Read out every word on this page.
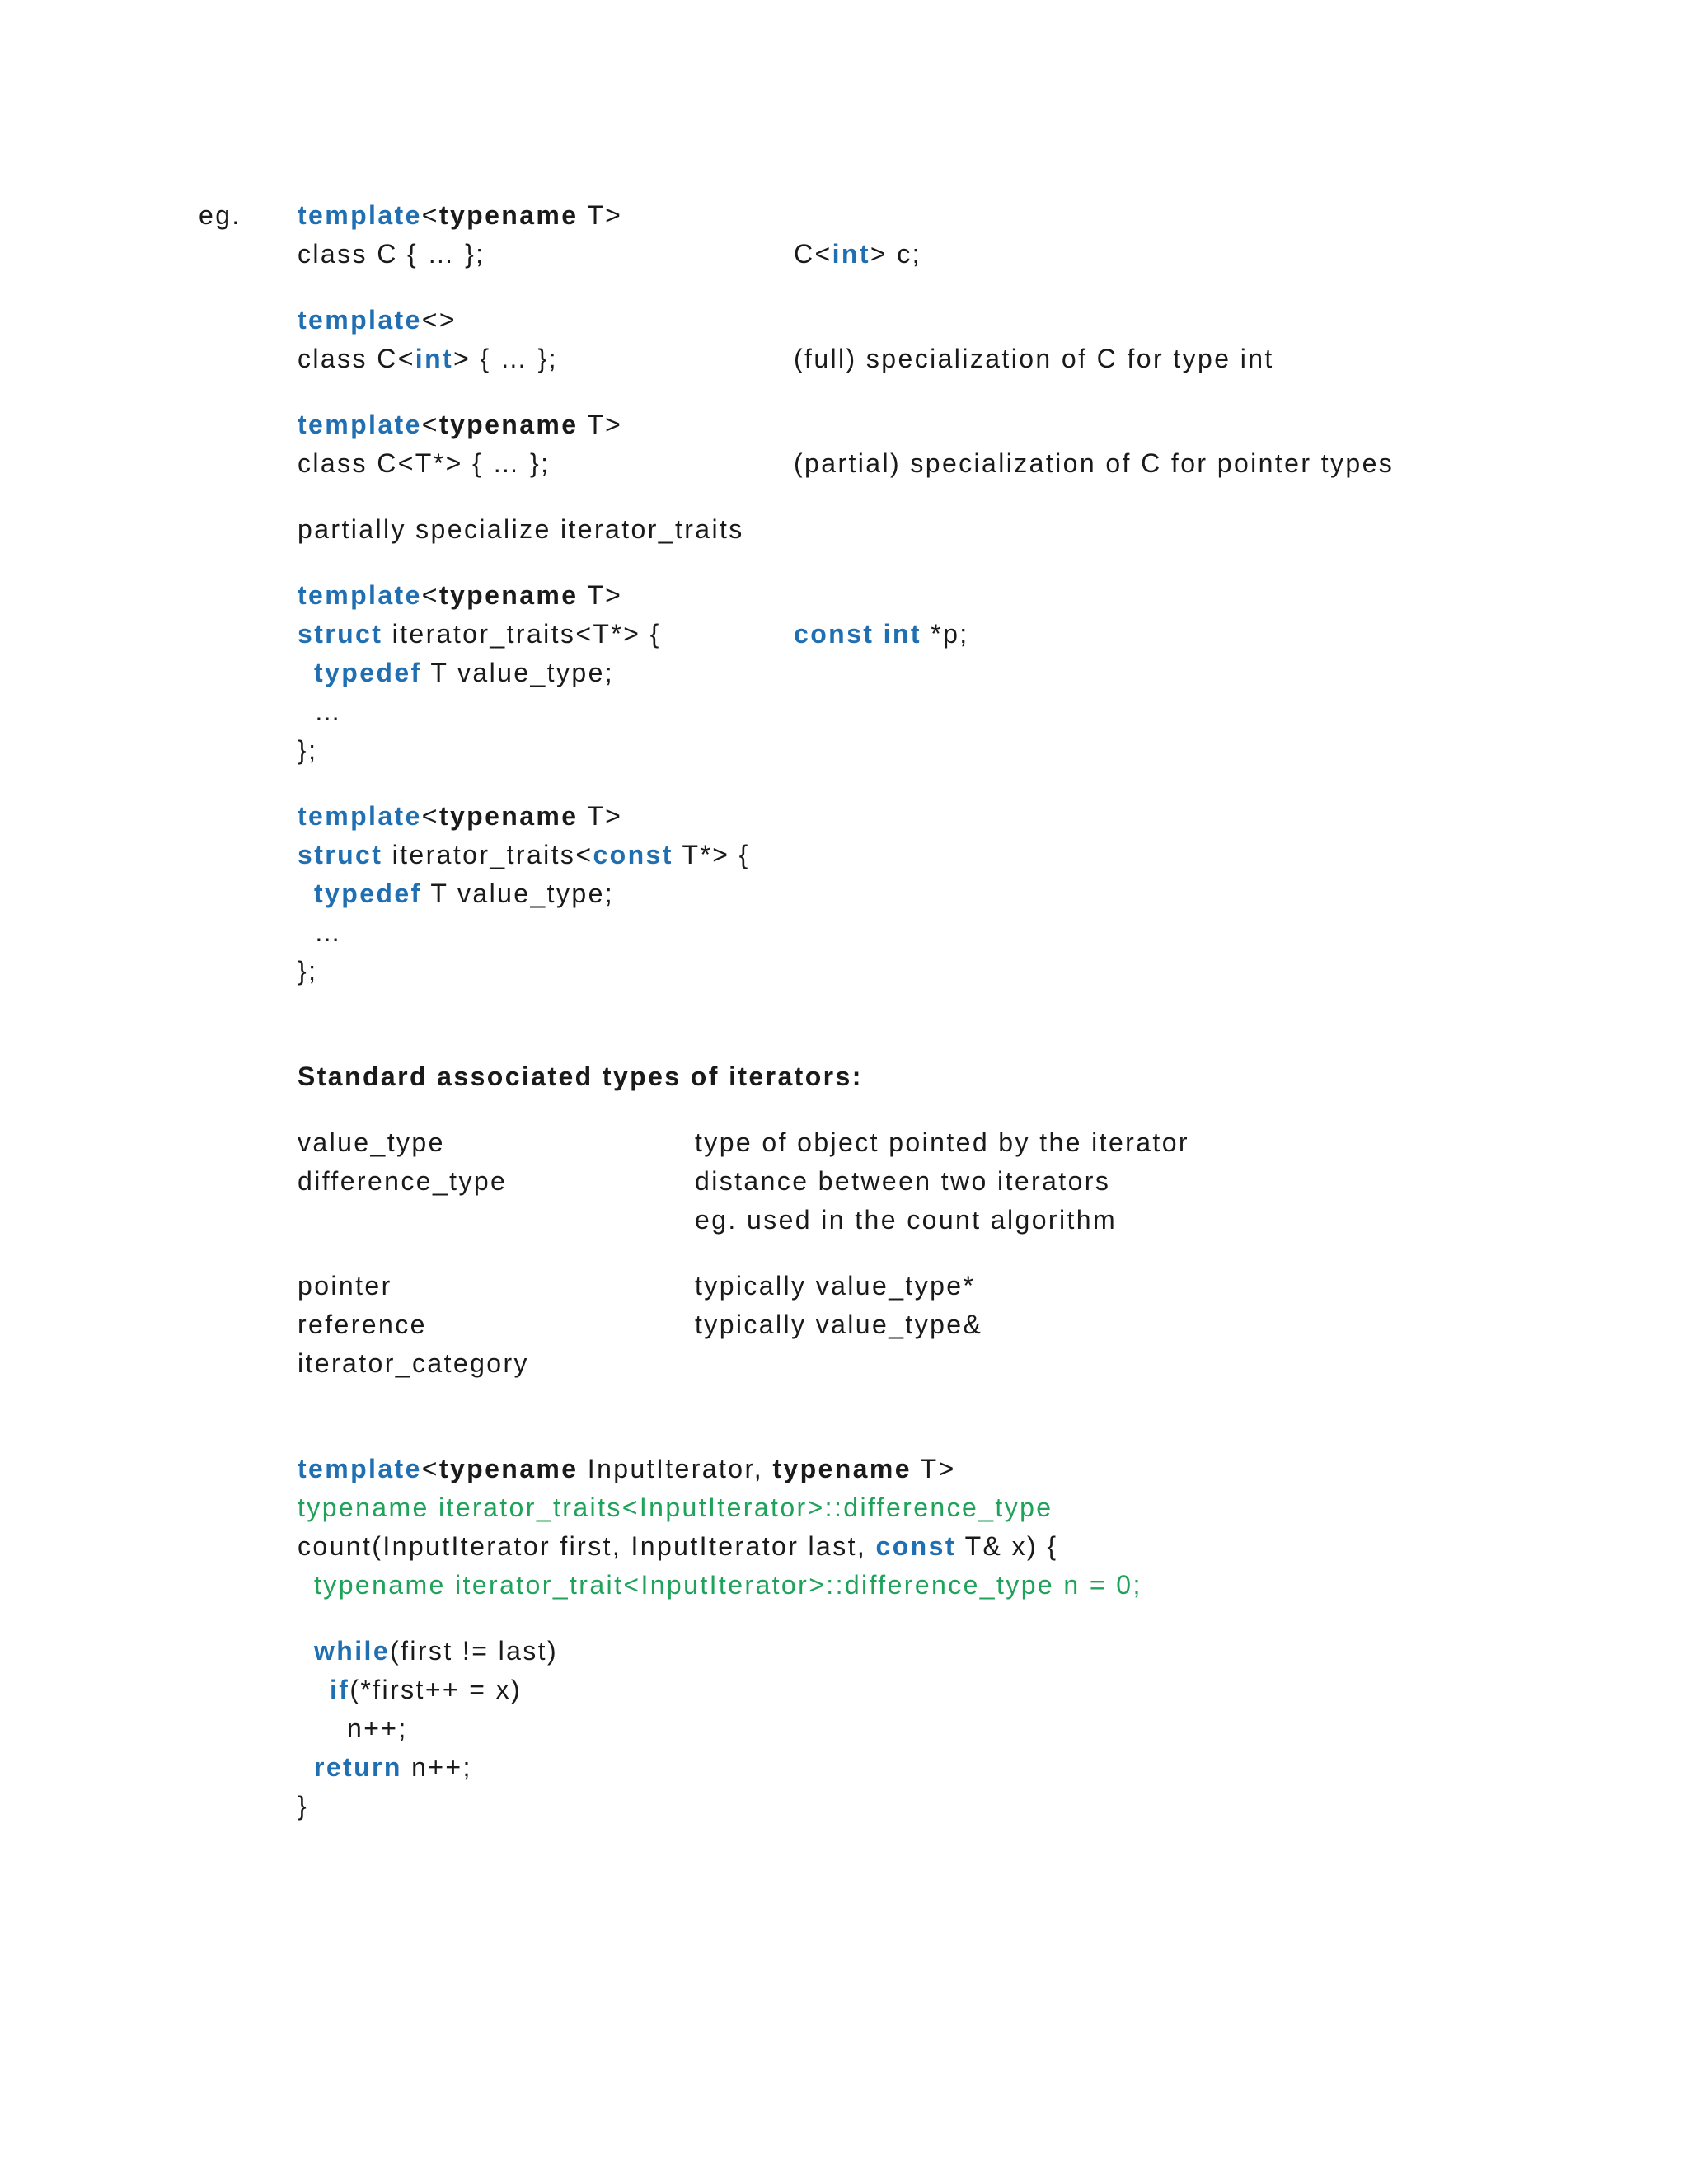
eg. template<typename T>
class C { … };	C<int> c;
template<>
class C<int> { … };	(full) specialization of C for type int
template<typename T>
class C<T*> { … };	(partial) specialization of C for pointer types
partially specialize iterator_traits
template<typename T>
struct iterator_traits<T*> {	const int *p;
typedef T value_type;
…
};
template<typename T>
struct iterator_traits<const T*> {
typedef T value_type;
…
};
Standard associated types of iterators:
value_type	type of object pointed by the iterator
difference_type	distance between two iterators
eg. used in the count algorithm
pointer	typically value_type*
reference	typically value_type&
iterator_category
template<typename InputIterator, typename T>
typename iterator_traits<InputIterator>::difference_type
count(InputIterator first, InputIterator last, const T& x) {
typename iterator_trait<InputIterator>::difference_type n = 0;
while(first != last)
if(*first++ = x)
n++;
return n++;
}
